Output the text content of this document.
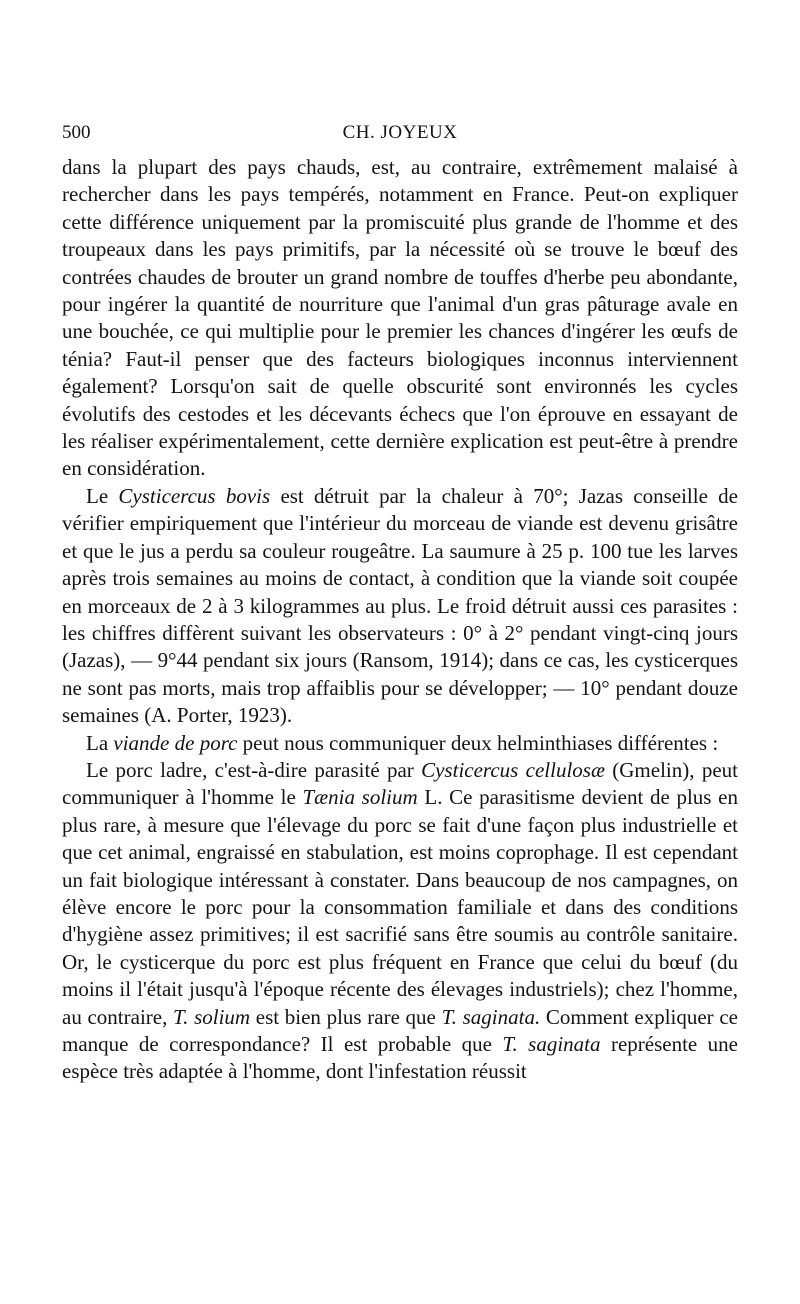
500	CH. JOYEUX

dans la plupart des pays chauds, est, au contraire, extrêmement malaisé à rechercher dans les pays tempérés, notamment en France. Peut-on expliquer cette différence uniquement par la promiscuité plus grande de l'homme et des troupeaux dans les pays primitifs, par la nécessité où se trouve le bœuf des contrées chaudes de brouter un grand nombre de touffes d'herbe peu abondante, pour ingérer la quantité de nourriture que l'animal d'un gras pâturage avale en une bouchée, ce qui multiplie pour le premier les chances d'ingérer les œufs de ténia? Faut-il penser que des facteurs biologiques inconnus interviennent également? Lorsqu'on sait de quelle obscurité sont environnés les cycles évolutifs des cestodes et les décevants échecs que l'on éprouve en essayant de les réaliser expérimentalement, cette dernière explication est peut-être à prendre en considération.

Le Cysticercus bovis est détruit par la chaleur à 70°; Jazas conseille de vérifier empiriquement que l'intérieur du morceau de viande est devenu grisâtre et que le jus a perdu sa couleur rougeâtre. La saumure à 25 p. 100 tue les larves après trois semaines au moins de contact, à condition que la viande soit coupée en morceaux de 2 à 3 kilogrammes au plus. Le froid détruit aussi ces parasites : les chiffres diffèrent suivant les observateurs : 0° à 2° pendant vingt-cinq jours (Jazas), — 9°44 pendant six jours (Ransom, 1914); dans ce cas, les cysticerques ne sont pas morts, mais trop affaiblis pour se développer; — 10° pendant douze semaines (A. Porter, 1923).

La viande de porc peut nous communiquer deux helminthiases différentes :

Le porc ladre, c'est-à-dire parasité par Cysticercus cellulosæ (Gmelin), peut communiquer à l'homme le Tænia solium L. Ce parasitisme devient de plus en plus rare, à mesure que l'élevage du porc se fait d'une façon plus industrielle et que cet animal, engraissé en stabulation, est moins coprophage. Il est cependant un fait biologique intéressant à constater. Dans beaucoup de nos campagnes, on élève encore le porc pour la consommation familiale et dans des conditions d'hygiène assez primitives; il est sacrifié sans être soumis au contrôle sanitaire. Or, le cysticerque du porc est plus fréquent en France que celui du bœuf (du moins il l'était jusqu'à l'époque récente des élevages industriels); chez l'homme, au contraire, T. solium est bien plus rare que T. saginata. Comment expliquer ce manque de correspondance? Il est probable que T. saginata représente une espèce très adaptée à l'homme, dont l'infestation réussit
